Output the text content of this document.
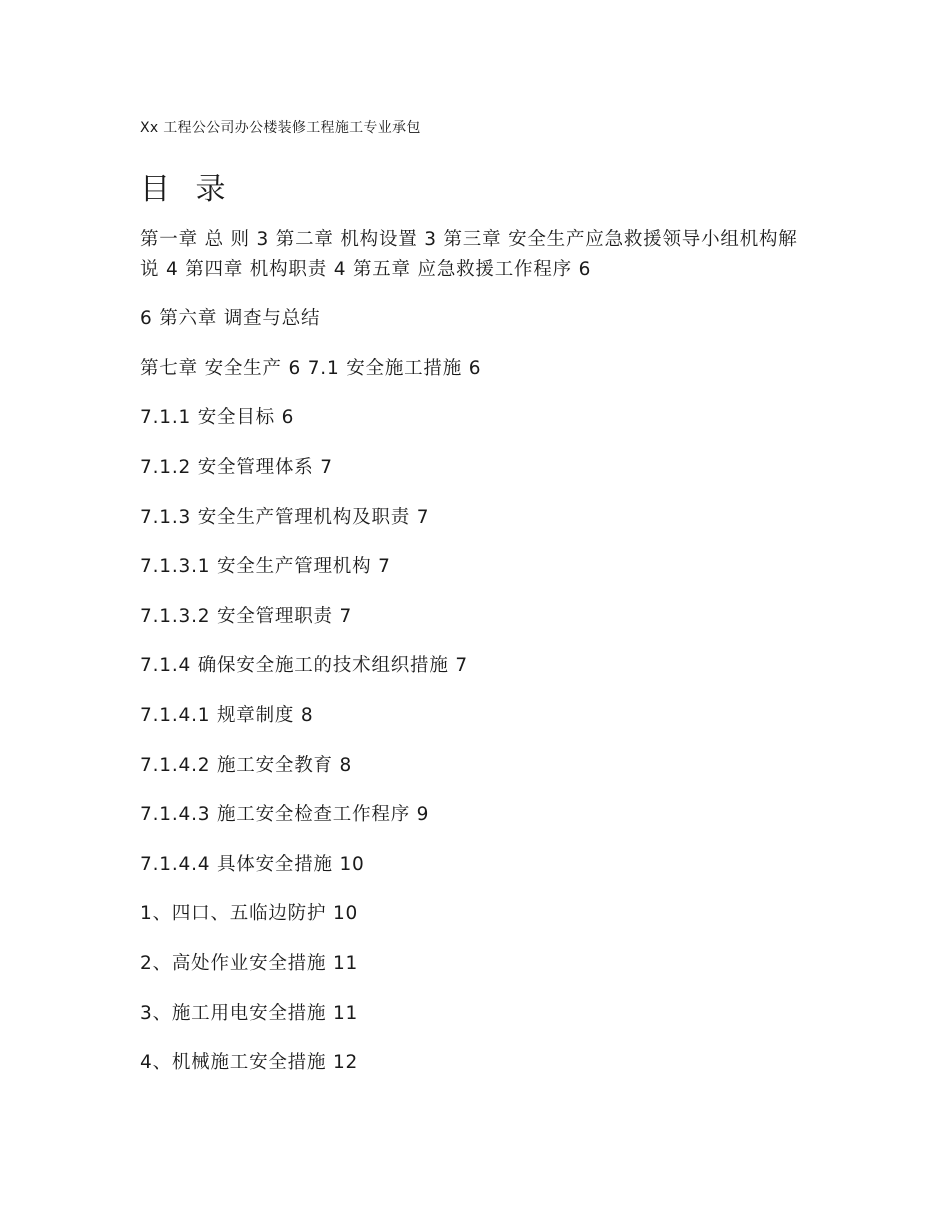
Xx 工程公公司办公楼装修工程施工专业承包
目 录
第一章 总 则 3 第二章 机构设置 3 第三章 安全生产应急救援领导小组机构解说 4 第四章 机构职责 4 第五章 应急救援工作程序 6
6 第六章 调查与总结
第七章 安全生产 6 7.1 安全施工措施 6
7.1.1 安全目标 6
7.1.2 安全管理体系 7
7.1.3 安全生产管理机构及职责 7
7.1.3.1 安全生产管理机构 7
7.1.3.2 安全管理职责 7
7.1.4 确保安全施工的技术组织措施 7
7.1.4.1 规章制度 8
7.1.4.2 施工安全教育 8
7.1.4.3 施工安全检查工作程序 9
7.1.4.4 具体安全措施 10
1、四口、五临边防护 10
2、高处作业安全措施 11
3、施工用电安全措施 11
4、机械施工安全措施 12
